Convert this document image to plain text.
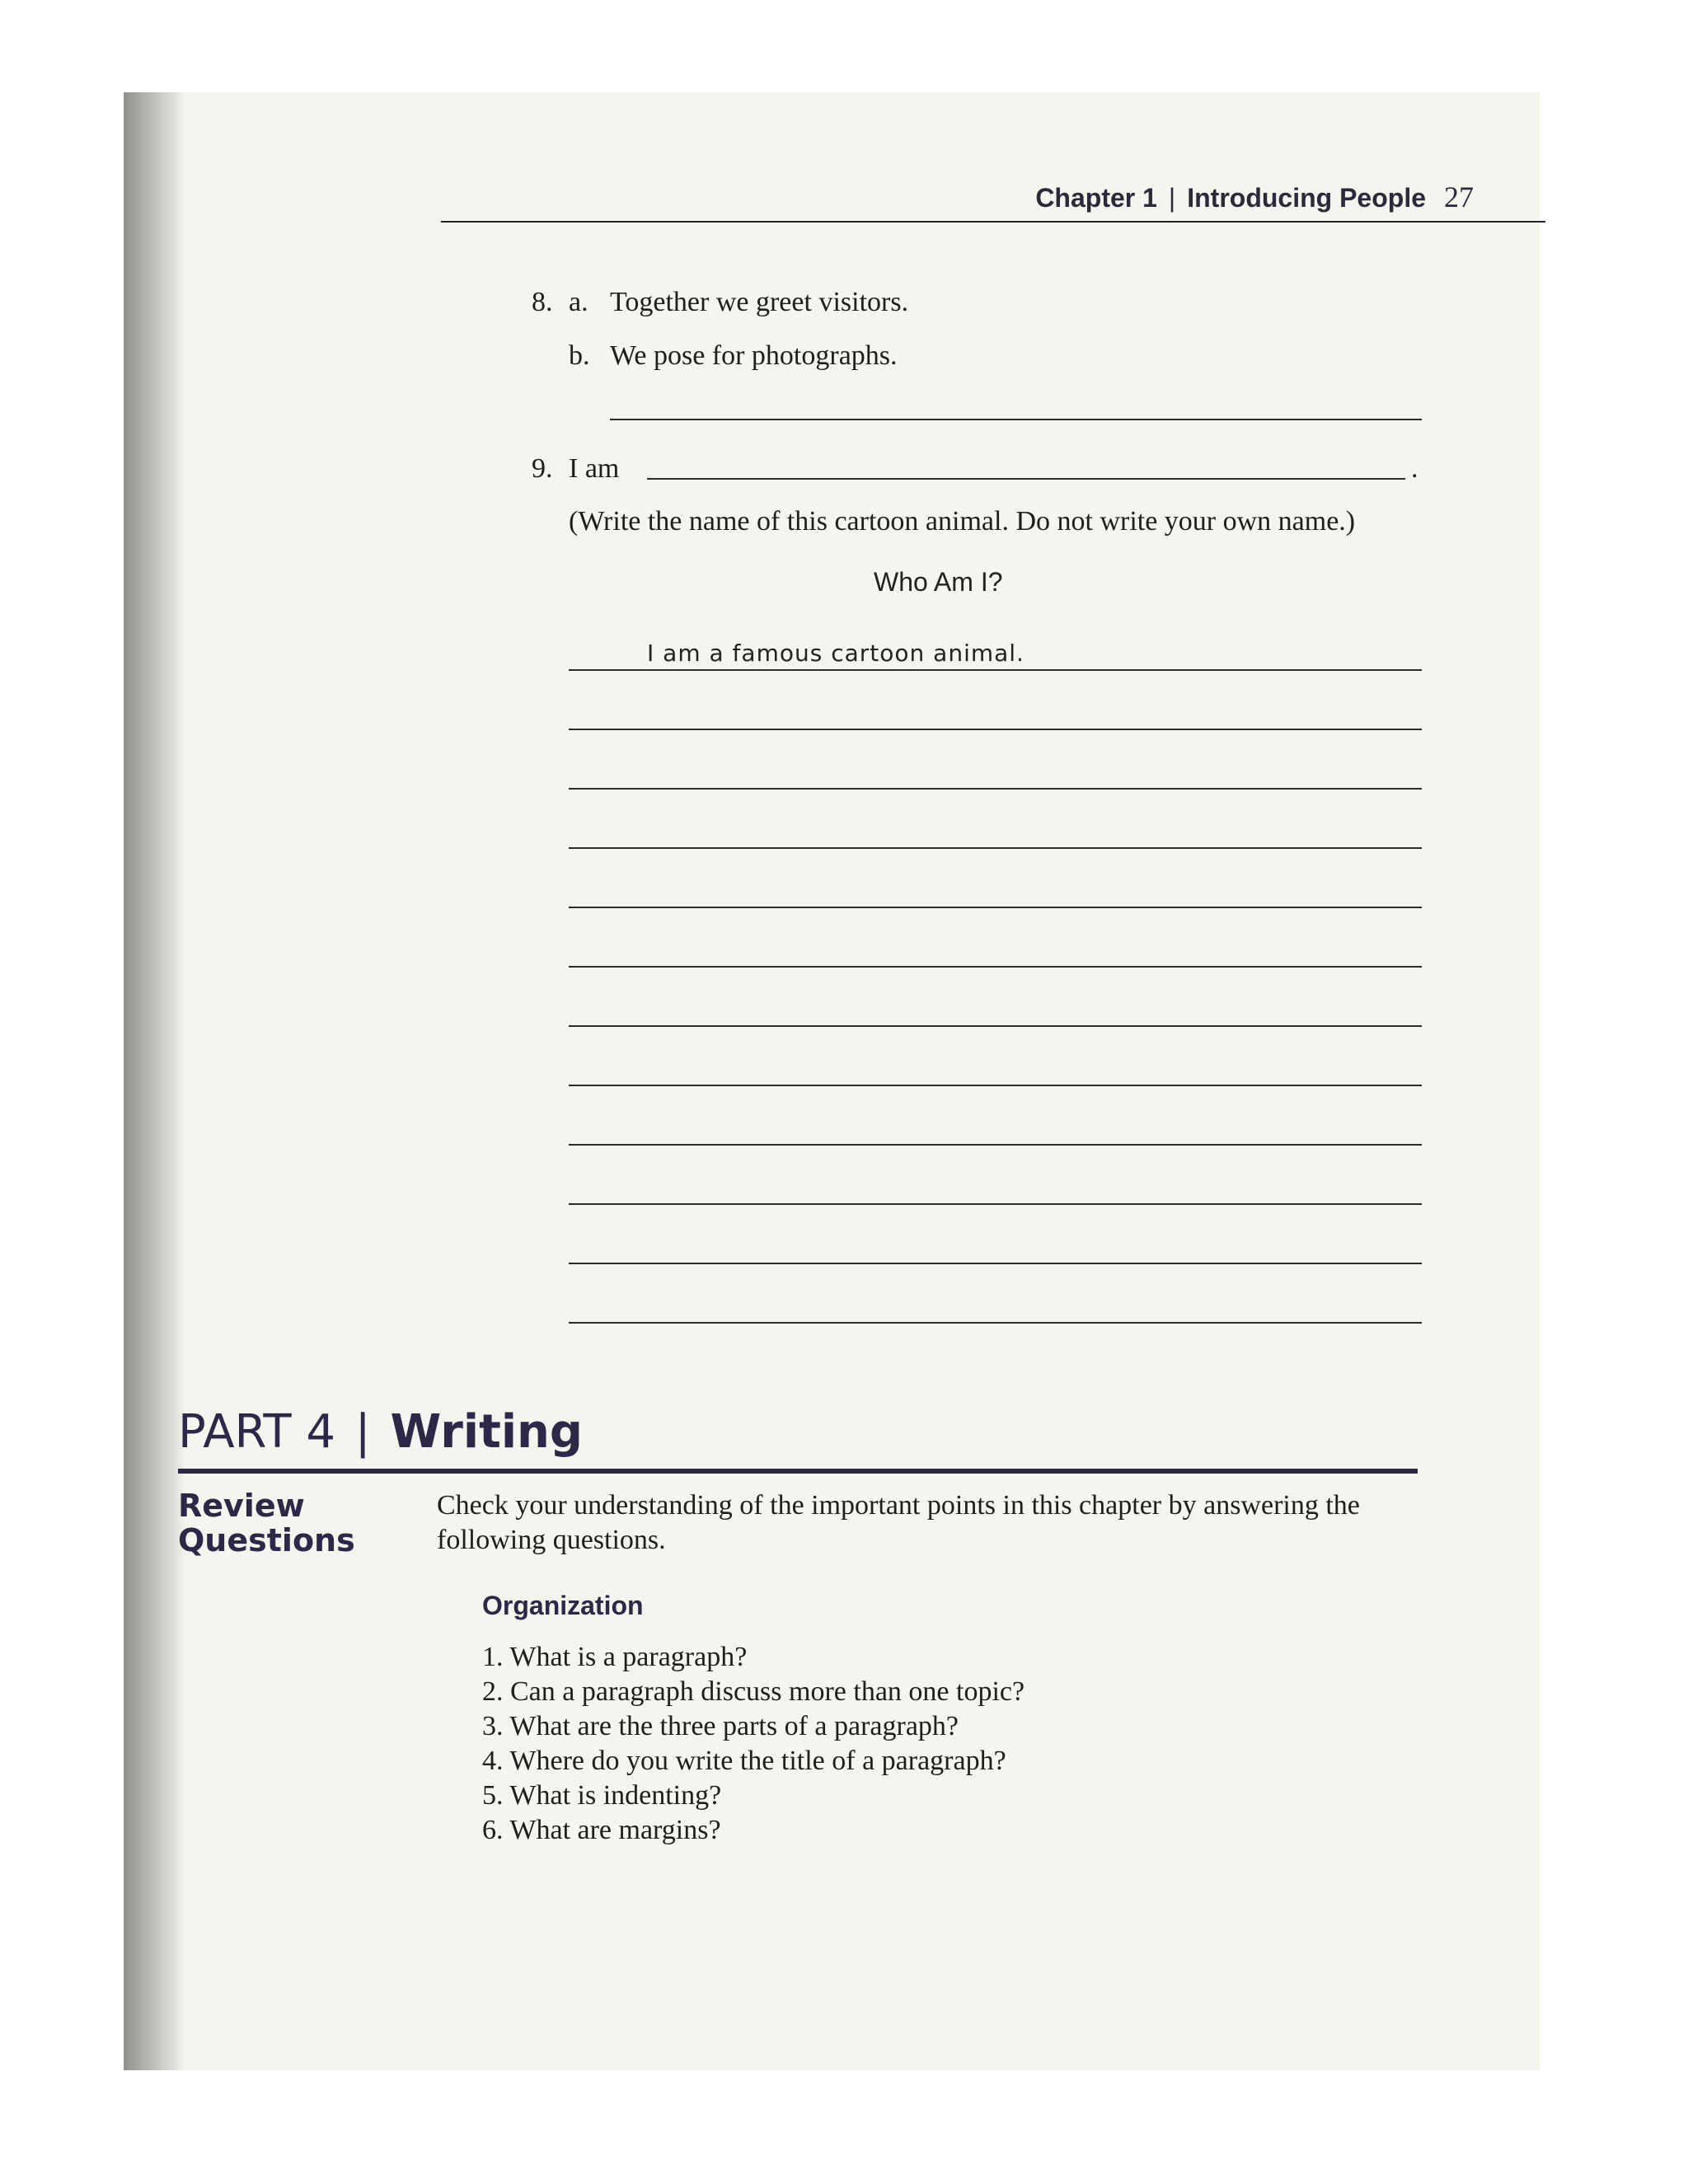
Chapter 1 | Introducing People 27
8. a. Together we greet visitors.
b. We pose for photographs.
9. I am	.
(Write the name of this cartoon animal. Do not write your own name.)
Who Am I?
I am a famous cartoon animal.
PART 4 | Writing
Review
Questions
Check your understanding of the important points in this chapter by answering the following questions.
Organization
1. What is a paragraph?
2. Can a paragraph discuss more than one topic?
3. What are the three parts of a paragraph?
4. Where do you write the title of a paragraph?
5. What is indenting?
6. What are margins?
